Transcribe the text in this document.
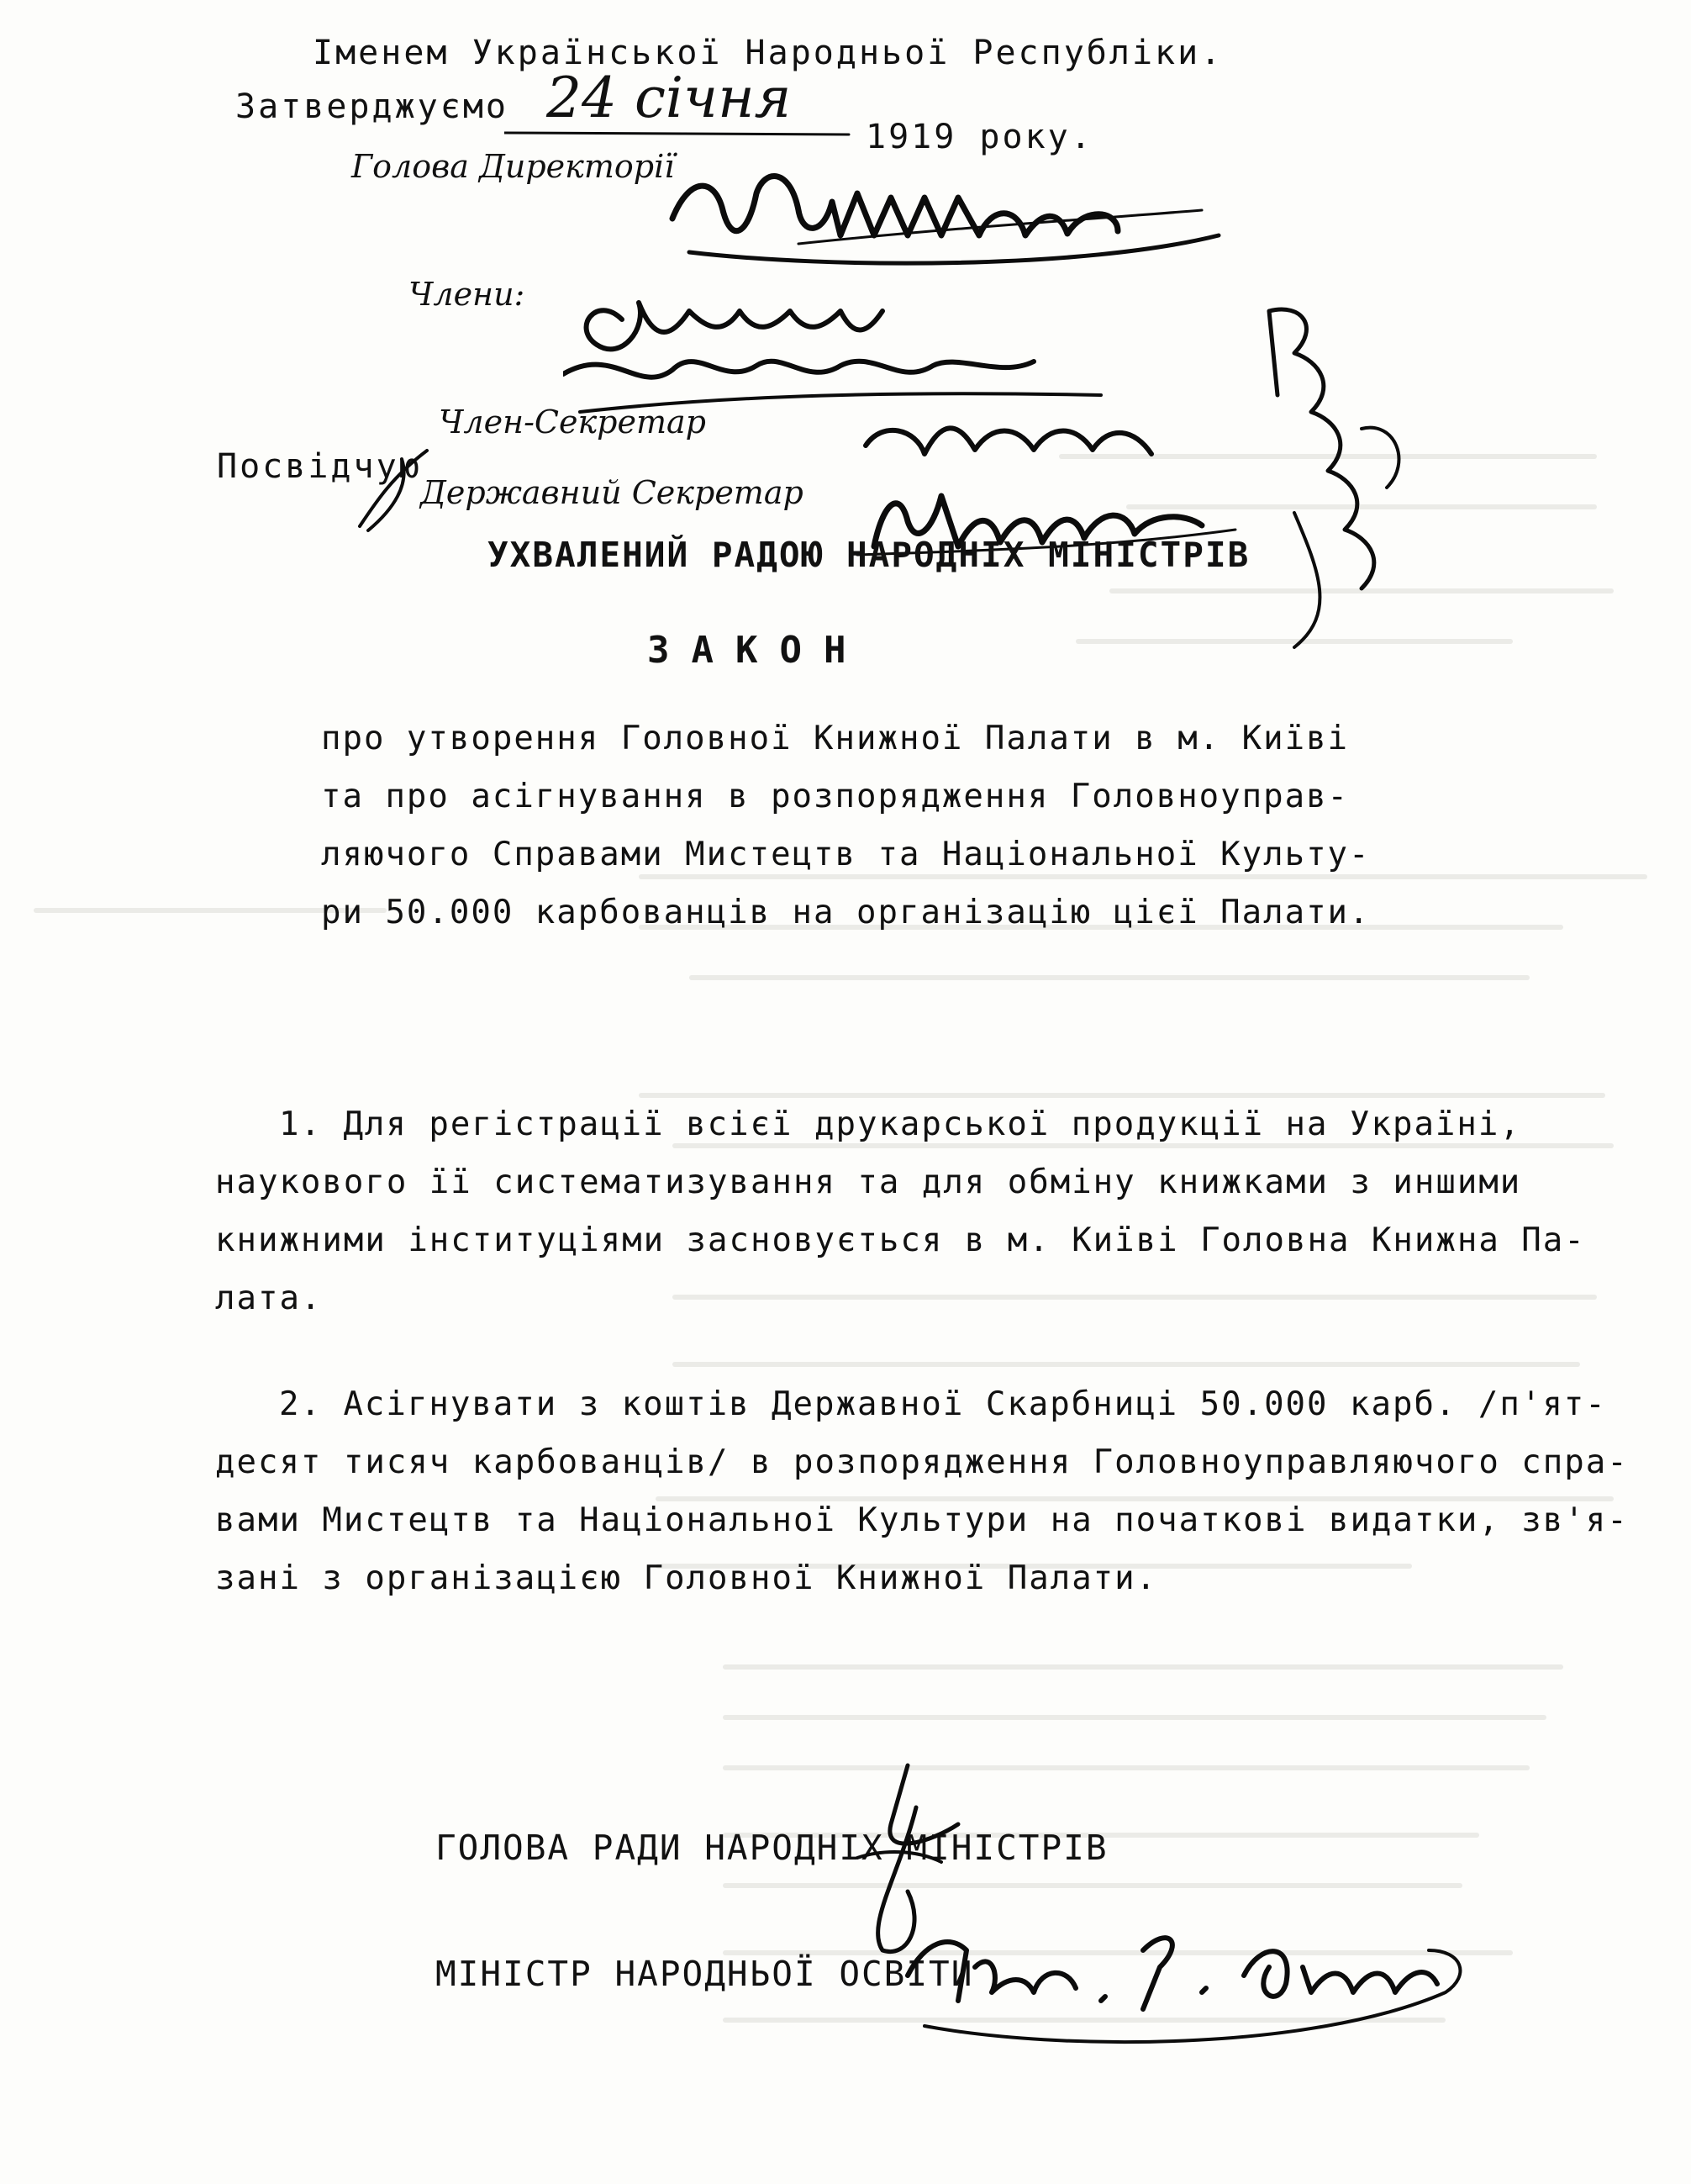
Іменем Української Народньої Республіки.
Затверджуємо 24 січня
1919 року.
Голова Директорії
Члени:
Член-Секретар
Посвідчую
Державний Секретар
УХВАЛЕНИЙ РАДОЮ НАРОДНІХ МІНІСТРІВ
ЗАКОН
про утворення Головної Книжної Палати в м. Київі
та про асігнування в розпорядження Головноуправ-
ляючого Справами Мистецтв та Національної Культу-
ри 50.000 карбованців на організацію цієї Палати.
1. Для регістрації всієї друкарської продукції на Україні,
наукового її систематизування та для обміну книжками з иншими
книжними інституціями засновується в м. Київі Головна Книжна Па-
лата.
2. Асігнувати з коштів Державної Скарбниці 50.000 карб. /п'ят-
десят тисяч карбованців/ в розпорядження Головноуправляючого спра-
вами Мистецтв та Національної Культури на початкові видатки, зв'я-
зані з організацією Головної Книжної Палати.
ГОЛОВА РАДИ НАРОДНІХ МІНІСТРІВ
МІНІСТР НАРОДНЬОЇ ОСВІТИ
